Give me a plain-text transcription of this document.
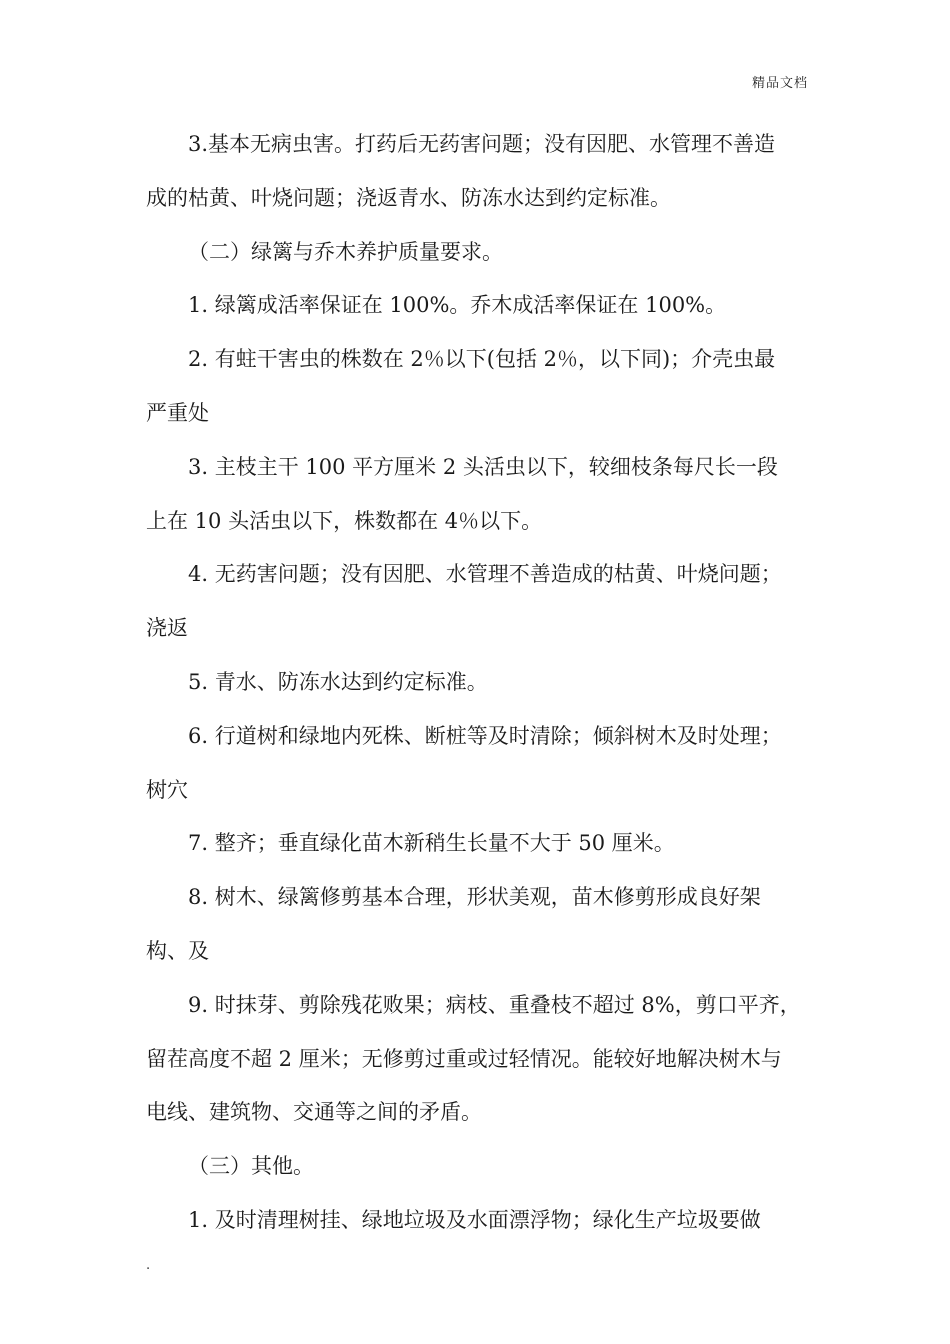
精品文档
3.基本无病虫害。打药后无药害问题；没有因肥、水管理不善造
成的枯黄、叶烧问题；浇返青水、防冻水达到约定标准。
（二）绿篱与乔木养护质量要求。
1. 绿篱成活率保证在 100%。乔木成活率保证在 100%。
2. 有蛀干害虫的株数在 2％以下(包括 2％，以下同)；介壳虫最
严重处
3. 主枝主干 100 平方厘米 2 头活虫以下，较细枝条每尺长一段
上在 10 头活虫以下，株数都在 4％以下。
4. 无药害问题；没有因肥、水管理不善造成的枯黄、叶烧问题；
浇返
5. 青水、防冻水达到约定标准。
6. 行道树和绿地内死株、断桩等及时清除；倾斜树木及时处理；
树穴
7. 整齐；垂直绿化苗木新稍生长量不大于 50 厘米。
8. 树木、绿篱修剪基本合理，形状美观，苗木修剪形成良好架
构、及
9. 时抹芽、剪除残花败果；病枝、重叠枝不超过 8%，剪口平齐，
留茬高度不超 2 厘米；无修剪过重或过轻情况。能较好地解决树木与
电线、建筑物、交通等之间的矛盾。
（三）其他。
1. 及时清理树挂、绿地垃圾及水面漂浮物；绿化生产垃圾要做
.
